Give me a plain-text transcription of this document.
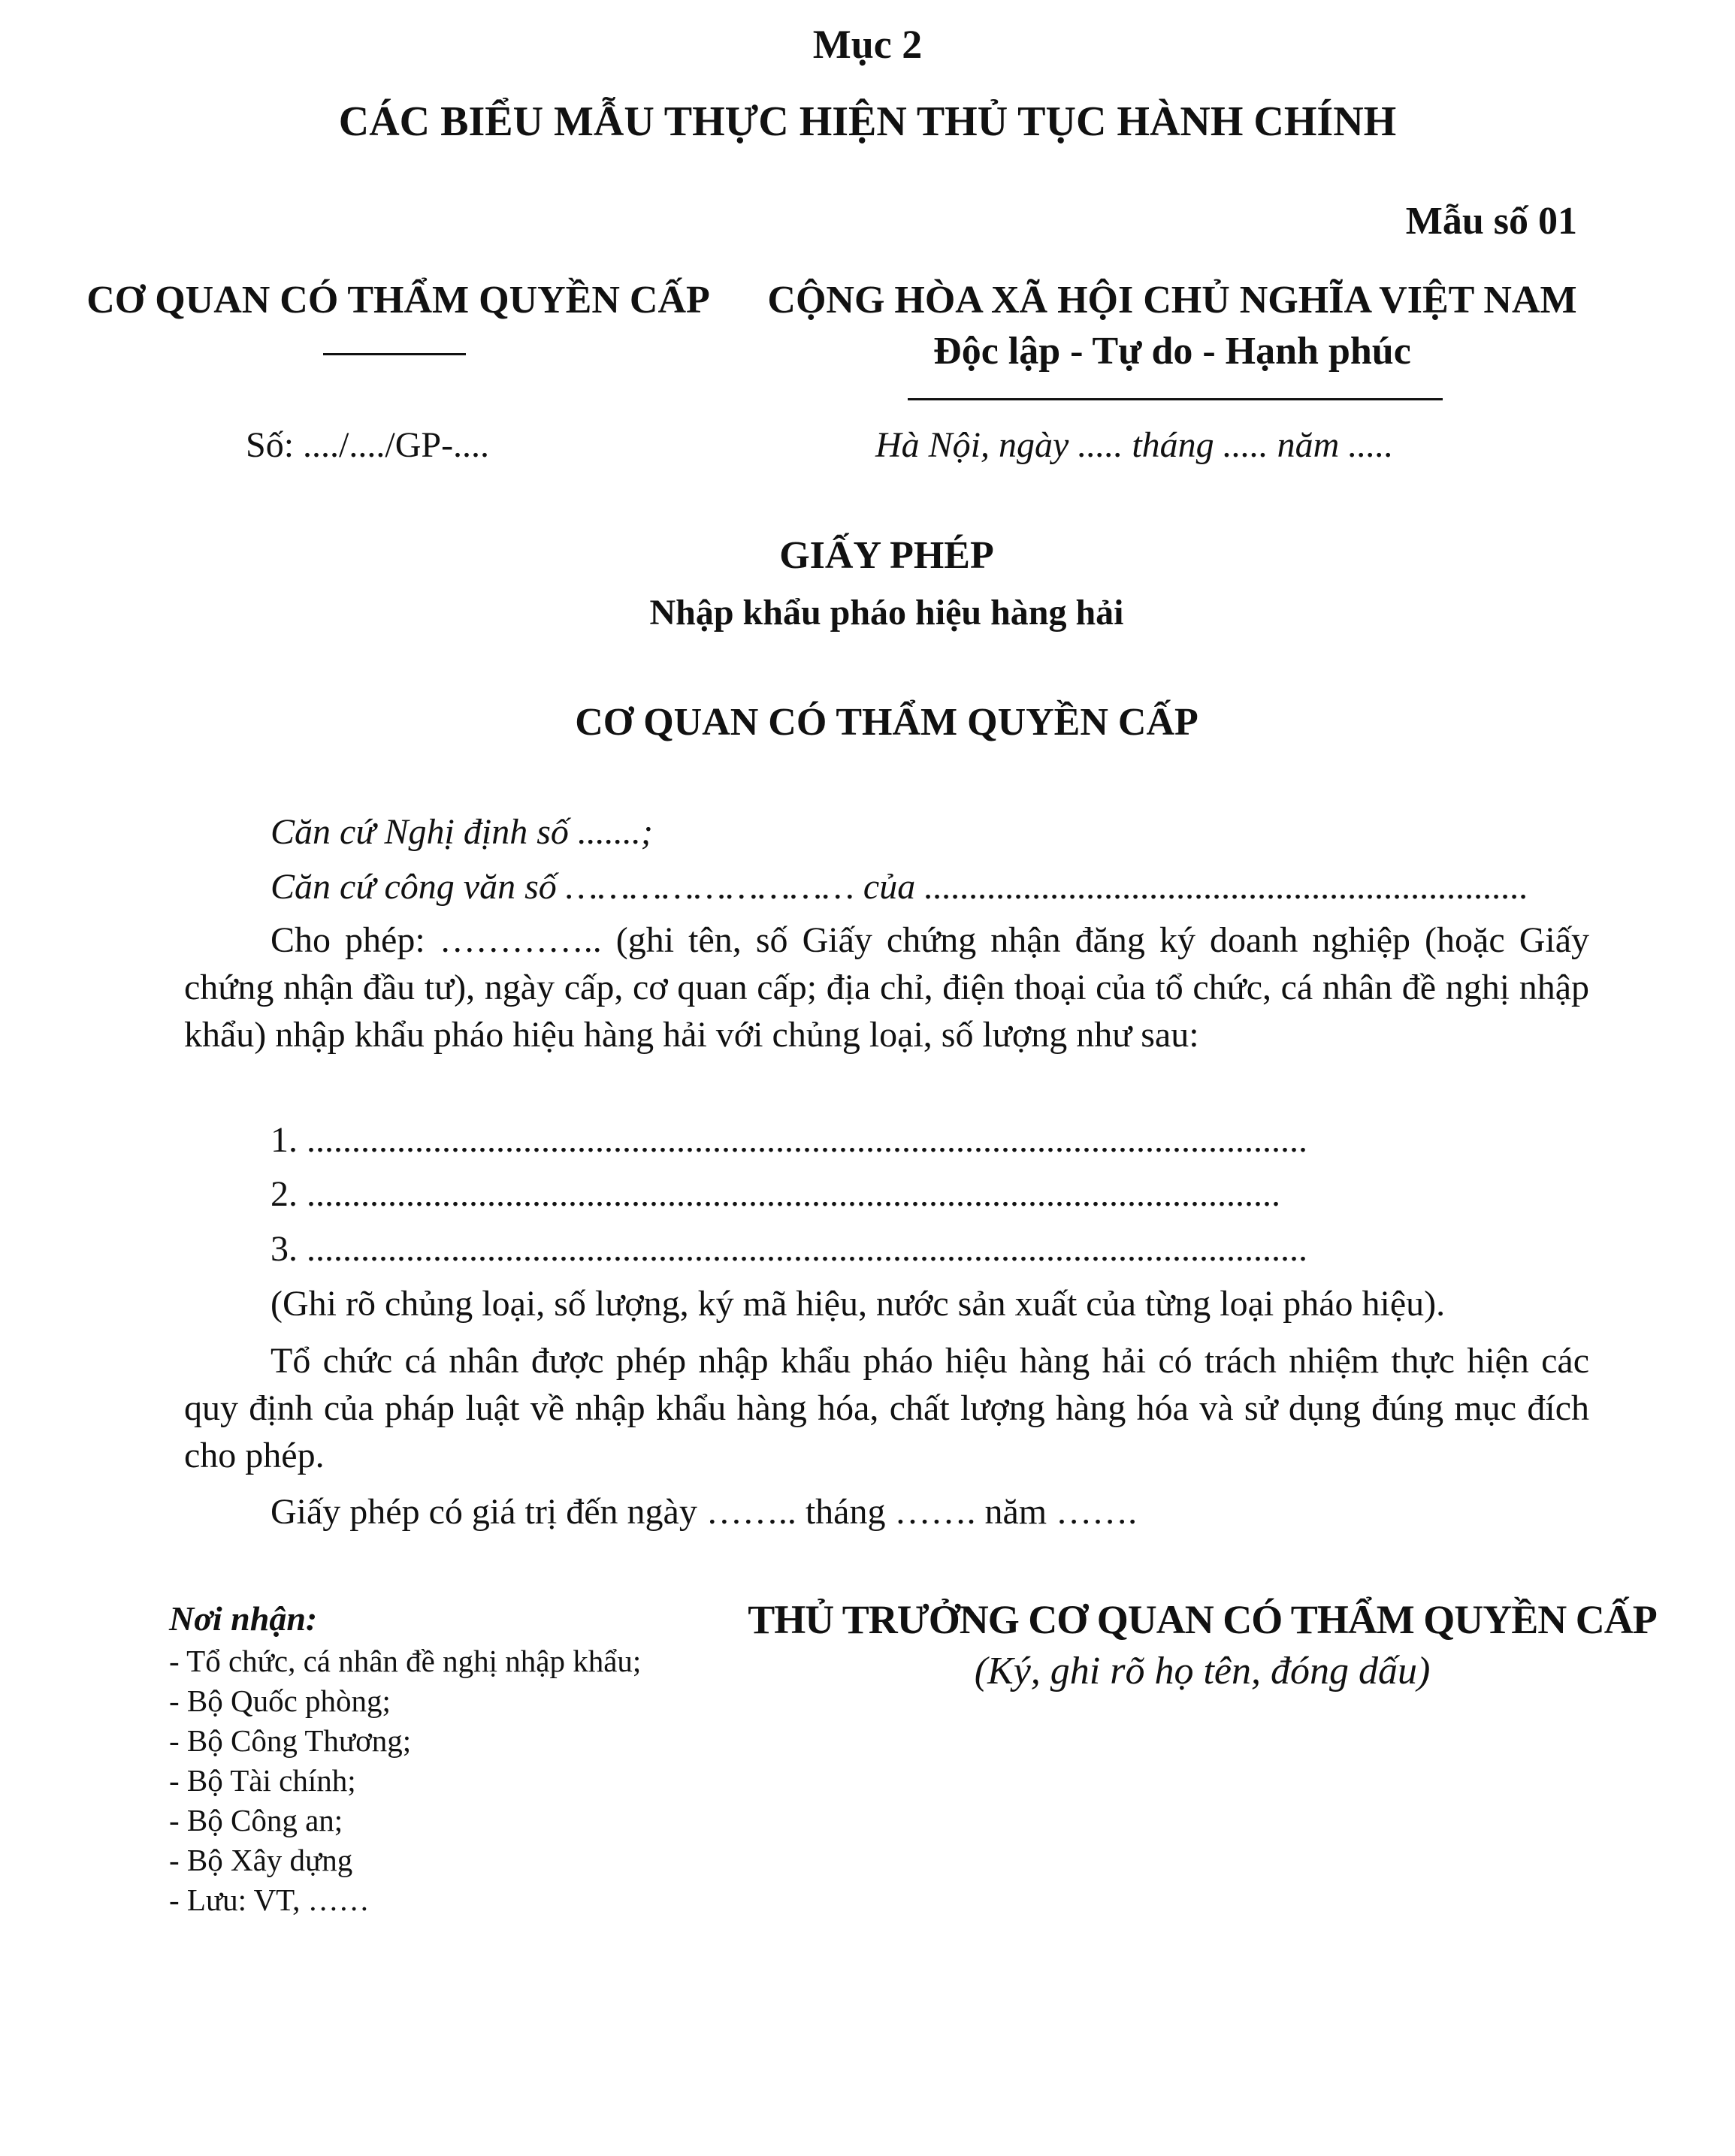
Mục 2
CÁC BIỂU MẪU THỰC HIỆN THỦ TỤC HÀNH CHÍNH
Mẫu số 01
CƠ QUAN CÓ THẨM QUYỀN CẤP	CỘNG HÒA XÃ HỘI CHỦ NGHĨA VIỆT NAM
Độc lập - Tự do - Hạnh phúc
Số: ..../..../GP-....	Hà Nội, ngày ..... tháng ..... năm .....
GIẤY PHÉP
Nhập khẩu pháo hiệu hàng hải
CƠ QUAN CÓ THẨM QUYỀN CẤP
Căn cứ Nghị định số .......;
Căn cứ công văn số ……………………… của ...................................................................
Cho phép: ………….. (ghi tên, số Giấy chứng nhận đăng ký doanh nghiệp (hoặc Giấy chứng nhận đầu tư), ngày cấp, cơ quan cấp; địa chỉ, điện thoại của tổ chức, cá nhân đề nghị nhập khẩu) nhập khẩu pháo hiệu hàng hải với chủng loại, số lượng như sau:
1. ...............................................................................................................
2. ............................................................................................................
3. ...............................................................................................................
(Ghi rõ chủng loại, số lượng, ký mã hiệu, nước sản xuất của từng loại pháo hiệu).
Tổ chức cá nhân được phép nhập khẩu pháo hiệu hàng hải có trách nhiệm thực hiện các quy định của pháp luật về nhập khẩu hàng hóa, chất lượng hàng hóa và sử dụng đúng mục đích cho phép.
Giấy phép có giá trị đến ngày …….. tháng ……. năm …….
Nơi nhận:
- Tổ chức, cá nhân đề nghị nhập khẩu;
- Bộ Quốc phòng;
- Bộ Công Thương;
- Bộ Tài chính;
- Bộ Công an;
- Bộ Xây dựng
- Lưu: VT, ……
THỦ TRƯỞNG CƠ QUAN CÓ THẨM QUYỀN CẤP
(Ký, ghi rõ họ tên, đóng dấu)
